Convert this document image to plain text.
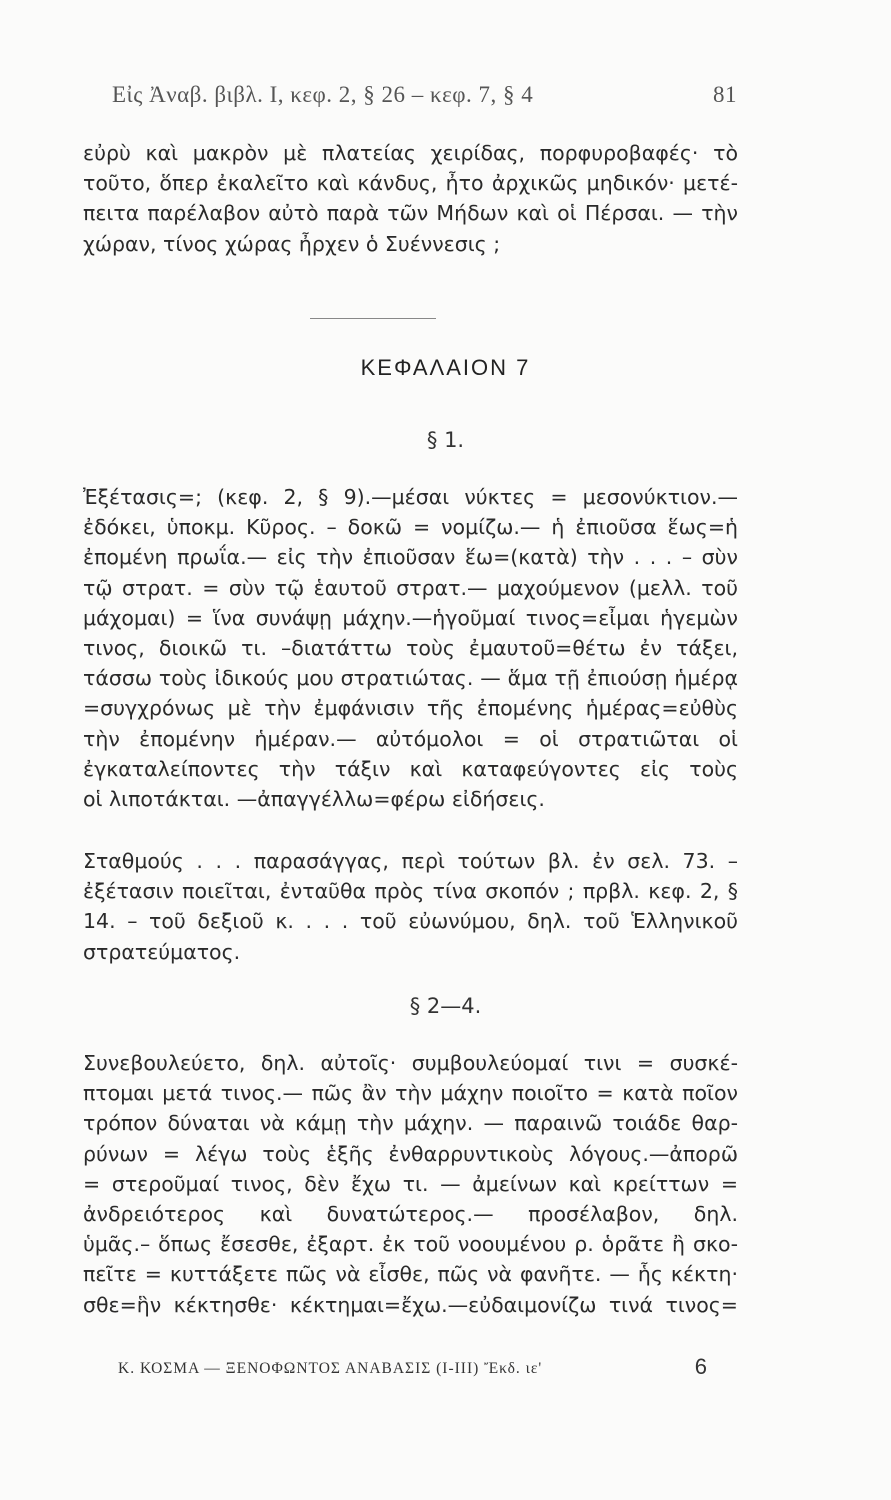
Εἰς Ἀναβ. βιβλ. I, κεφ. 2, § 26 – κεφ. 7, § 4	81
εὐρὺ καὶ μακρὸν μὲ πλατείας χειρίδας, πορφυροβαφές· τὸ
τοῦτο, ὅπερ ἐκαλεῖτο καὶ κάνδυς, ἦτο ἀρχικῶς μηδικόν· μετέ-
πειτα παρέλαβον αὐτὸ παρὰ τῶν Μήδων καὶ οἱ Πέρσαι. — τὴν
χώραν, τίνος χώρας ἦρχεν ὁ Συέννεσις ;
ΚΕΦΑΛΑΙΟΝ 7
§ 1.
Ἐξέτασις=; (κεφ. 2, § 9).—μέσαι νύκτες = μεσονύκτιον.—
ἐδόκει, ὑποκμ. Κῦρος. – δοκῶ = νομίζω.— ἡ ἐπιοῦσα ἕως=ἡ
ἐπομένη πρωΐα.— εἰς τὴν ἐπιοῦσαν ἕω=(κατὰ) τὴν . . . – σὺν
τῷ στρατ. = σὺν τῷ ἑαυτοῦ στρατ.— μαχούμενον (μελλ. τοῦ
μάχομαι) = ἵνα συνάψῃ μάχην.—ἡγοῦμαί τινος=εἶμαι ἡγεμὼν
τινος, διοικῶ τι. –διατάττω τοὺς ἐμαυτοῦ=θέτω ἐν τάξει,
τάσσω τοὺς ἰδικούς μου στρατιώτας. — ἅμα τῇ ἐπιούσῃ ἡμέρᾳ
=συγχρόνως μὲ τὴν ἐμφάνισιν τῆς ἐπομένης ἡμέρας=εὐθὺς
τὴν ἐπομένην ἡμέραν.— αὐτόμολοι = οἱ στρατιῶται οἱ
ἐγκαταλείποντες τὴν τάξιν καὶ καταφεύγοντες εἰς τοὺς
οἱ λιποτάκται. —ἀπαγγέλλω=φέρω εἰδήσεις.
Σταθμούς . . . παρασάγγας, περὶ τούτων βλ. ἐν σελ. 73. –
ἐξέτασιν ποιεῖται, ἐνταῦθα πρὸς τίνα σκοπόν ; πρβλ. κεφ. 2, §
14. – τοῦ δεξιοῦ κ. . . . τοῦ εὐωνύμου, δηλ. τοῦ Ἑλληνικοῦ
στρατεύματος.
§ 2—4.
Συνεβουλεύετο, δηλ. αὐτοῖς· συμβουλεύομαί τινι = συσκέ-
πτομαι μετά τινος.— πῶς ἂν τὴν μάχην ποιοῖτο = κατὰ ποῖον
τρόπον δύναται νὰ κάμῃ τὴν μάχην. — παραινῶ τοιάδε θαρ-
ρύνων = λέγω τοὺς ἑξῆς ἐνθαρρυντικοὺς λόγους.—ἀπορῶ
= στεροῦμαί τινος, δὲν ἔχω τι. — ἀμείνων καὶ κρείττων =
ἀνδρειότερος καὶ δυνατώτερος.— προσέλαβον, δηλ.
ὑμᾶς.– ὅπως ἔσεσθε, ἐξαρτ. ἐκ τοῦ νοουμένου ρ. ὁρᾶτε ἢ σκο-
πεῖτε = κυττάξετε πῶς νὰ εἶσθε, πῶς νὰ φανῆτε. — ἧς κέκτη·
σθε=ἣν κέκτησθε· κέκτημαι=ἔχω.—εὐδαιμονίζω τινά τινος=
Κ. ΚΟΣΜΑ — ΞΕΝΟΦΩΝΤΟΣ ΑΝΑΒΑΣΙΣ (I-III) Ἔκδ. ιε'	6
